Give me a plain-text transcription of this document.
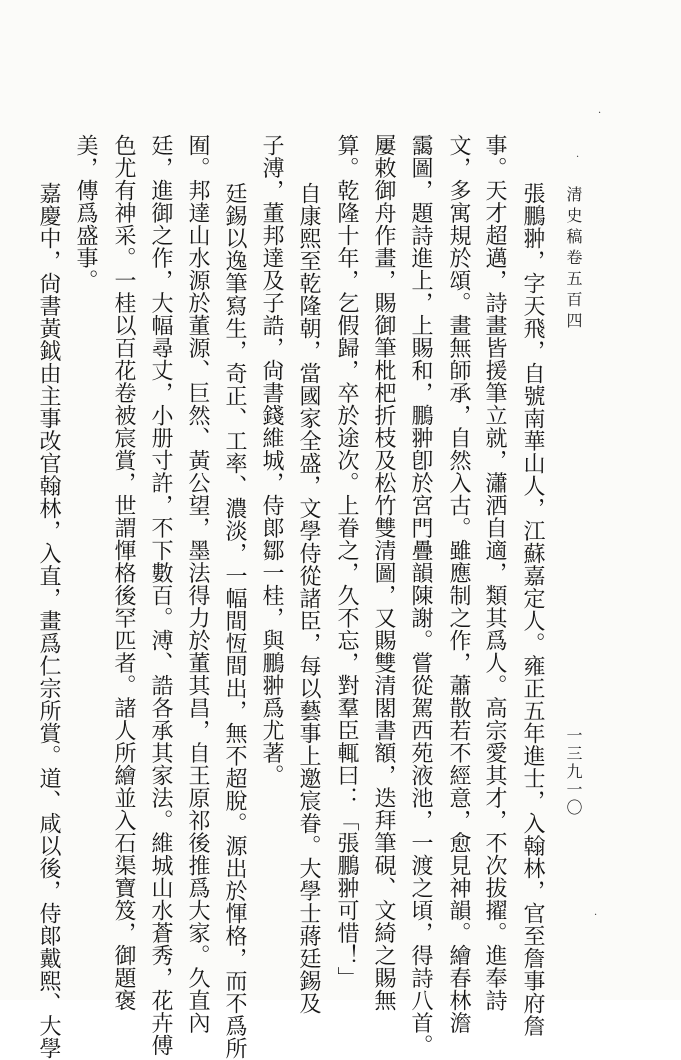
清史稿卷五百四
一三九一〇
張鵬翀，字天飛，自號南華山人，江蘇嘉定人。雍正五年進士，入翰林，官至詹事府詹
事。天才超邁，詩畫皆援筆立就，瀟洒自適，類其爲人。高宗愛其才，不次拔擢。進奉詩
文，多寓規於頌。畫無師承，自然入古。雖應制之作，蕭散若不經意，愈見神韻。繪春林澹
靄圖，題詩進上，上賜和，鵬翀卽於宮門疊韻陳謝。嘗從駕西苑液池，一渡之頃，得詩八首。
屢敕御舟作畫，賜御筆枇杷折枝及松竹雙清圖，又賜雙清閣書額，迭拜筆硯、文綺之賜無
算。乾隆十年，乞假歸，卒於途次。上眷之，久不忘，對羣臣輒曰：「張鵬翀可惜！」
自康熙至乾隆朝，當國家全盛，文學侍從諸臣，每以藝事上邀宸眷。大學士蔣廷錫及
子溥，董邦達及子誥，尙書錢維城，侍郞鄒一桂，與鵬翀爲尤著。
廷錫以逸筆寫生，奇正、工率、濃淡，一幅間恆間出，無不超脫。源出於惲格，而不爲所
囿。邦達山水源於董源、巨然、黃公望，墨法得力於董其昌，自王原祁後推爲大家。久直內
廷，進御之作，大幅尋丈，小册寸許，不下數百。溥、誥各承其家法。維城山水蒼秀，花卉傅
色尤有神采。一桂以百花卷被宸賞，世謂惲格後罕匹者。諸人所繪並入石渠寶笈，御題褒
美，傳爲盛事。
嘉慶中，尙書黃鉞由主事改官翰林，入直，畫爲仁宗所賞。道、咸以後，侍郞戴熙、大學
·
·
·
